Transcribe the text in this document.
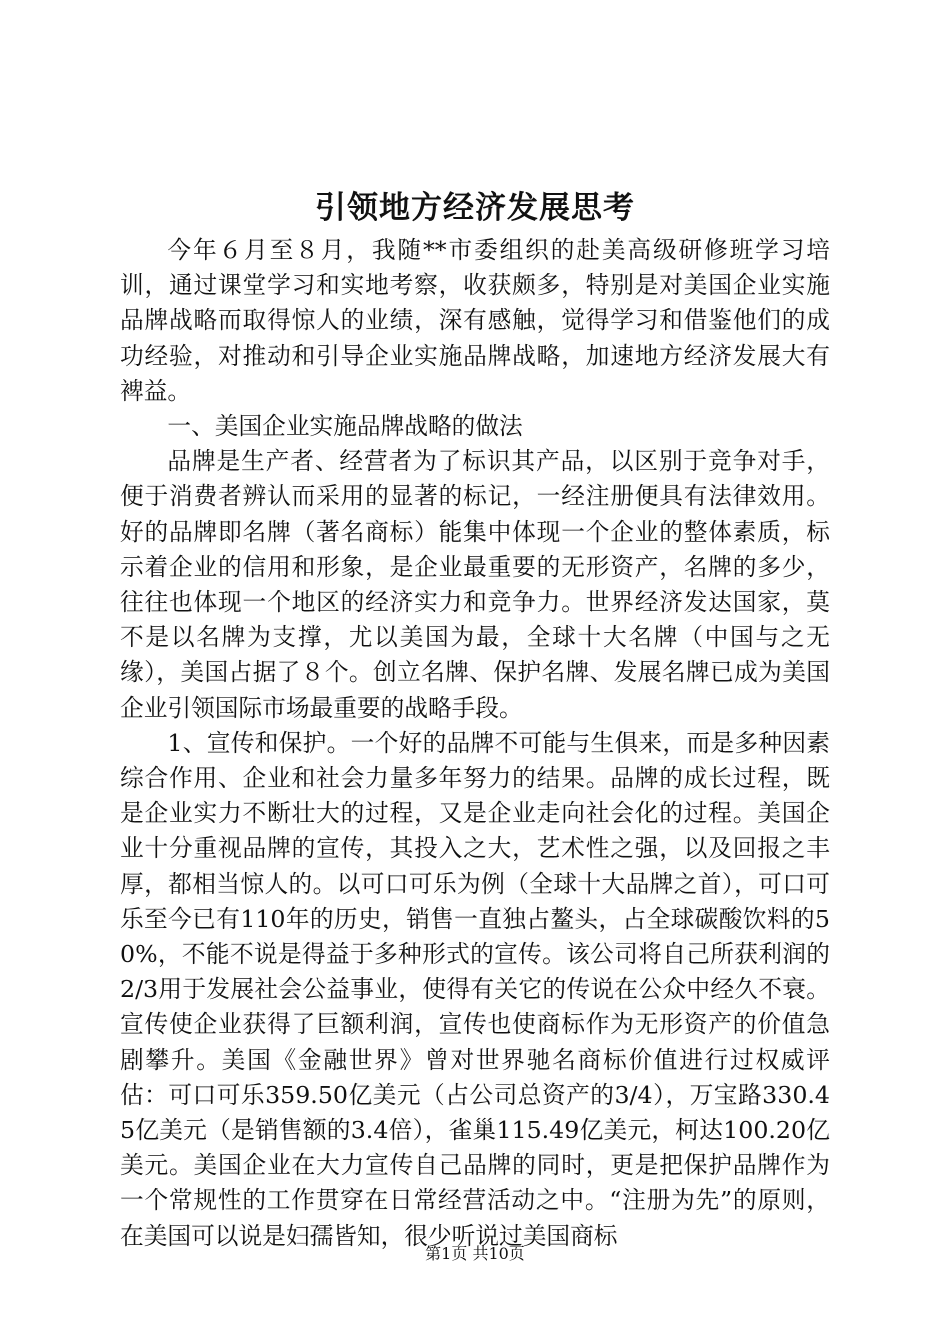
引领地方经济发展思考

今年６月至８月，我随**市委组织的赴美高级研修班学习培训，通过课堂学习和实地考察，收获颇多，特别是对美国企业实施品牌战略而取得惊人的业绩，深有感触，觉得学习和借鉴他们的成功经验，对推动和引导企业实施品牌战略，加速地方经济发展大有裨益。

一、美国企业实施品牌战略的做法

品牌是生产者、经营者为了标识其产品，以区别于竞争对手，便于消费者辨认而采用的显著的标记，一经注册便具有法律效用。好的品牌即名牌（著名商标）能集中体现一个企业的整体素质，标示着企业的信用和形象，是企业最重要的无形资产，名牌的多少，往往也体现一个地区的经济实力和竞争力。世界经济发达国家，莫不是以名牌为支撑，尤以美国为最，全球十大名牌（中国与之无缘），美国占据了８个。创立名牌、保护名牌、发展名牌已成为美国企业引领国际市场最重要的战略手段。

1、宣传和保护。一个好的品牌不可能与生俱来，而是多种因素综合作用、企业和社会力量多年努力的结果。品牌的成长过程，既是企业实力不断壮大的过程，又是企业走向社会化的过程。美国企业十分重视品牌的宣传，其投入之大，艺术性之强，以及回报之丰厚，都相当惊人的。以可口可乐为例（全球十大品牌之首），可口可乐至今已有110年的历史，销售一直独占鳌头，占全球碳酸饮料的50%，不能不说是得益于多种形式的宣传。该公司将自己所获利润的2/3用于发展社会公益事业，使得有关它的传说在公众中经久不衰。宣传使企业获得了巨额利润，宣传也使商标作为无形资产的价值急剧攀升。美国《金融世界》曾对世界驰名商标价值进行过权威评估：可口可乐359.50亿美元（占公司总资产的3/4），万宝路330.45亿美元（是销售额的3.4倍），雀巢115.49亿美元，柯达100.20亿美元。美国企业在大力宣传自己品牌的同时，更是把保护品牌作为一个常规性的工作贯穿在日常经营活动之中。“注册为先”的原则，在美国可以说是妇孺皆知，很少听说过美国商标

第1页 共10页
